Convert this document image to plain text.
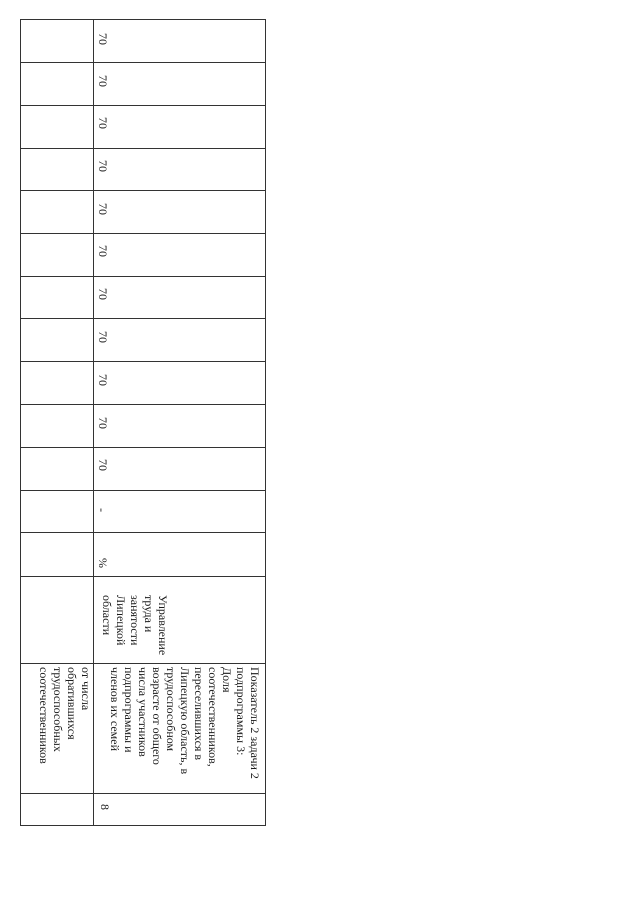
от числа
обратившихся
трудоспособных
соотечественников
8
Показатель 2 задачи 2
подпрограммы 3:
Доля
соотечественников,
переселившихся в
Липецкую область, в
трудоспособном
возрасте от общего
числа участников
подпрограммы и
членов их семей
Управление
труда и
занятости
Липецкой
области
%
-
70
70
70
70
70
70
70
70
70
70
70
